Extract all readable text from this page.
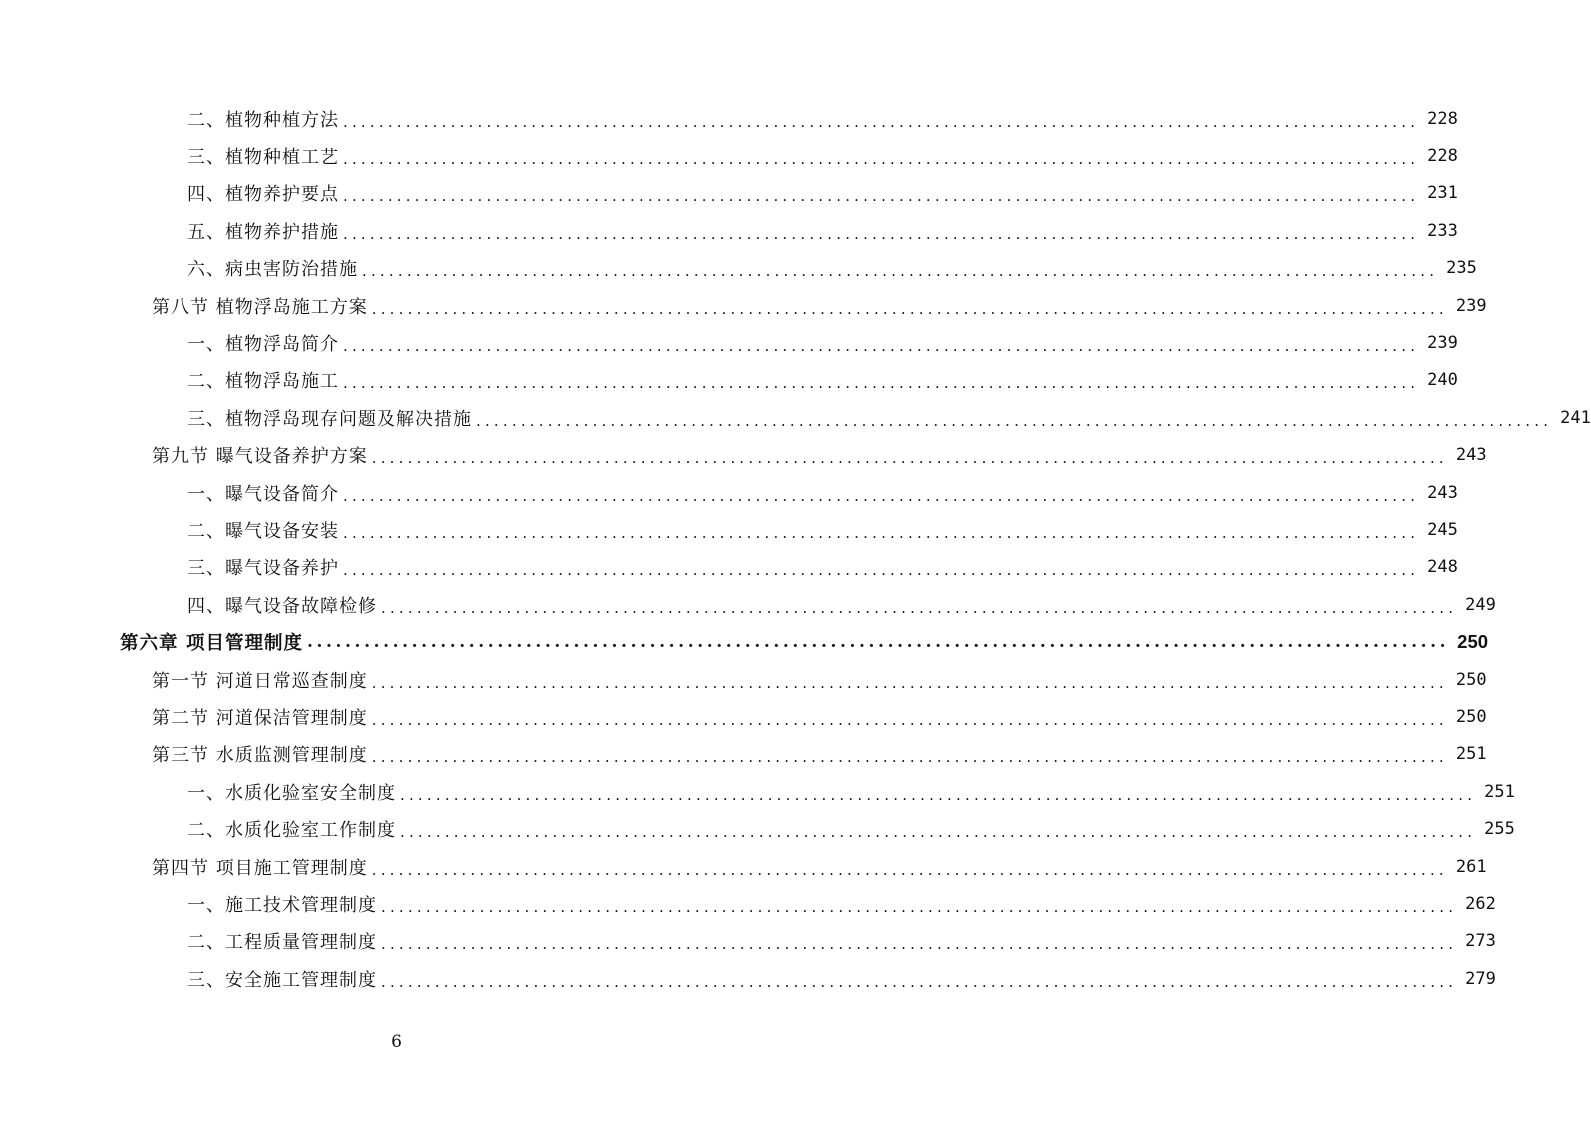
二、植物种植方法 ........................................................................................................................ 228
三、植物种植工艺 ........................................................................................................................ 228
四、植物养护要点 ........................................................................................................................ 231
五、植物养护措施 ........................................................................................................................ 233
六、病虫害防治措施 ........................................................................................................................ 235
第八节 植物浮岛施工方案 ........................................................................................................................ 239
一、植物浮岛简介 ........................................................................................................................ 239
二、植物浮岛施工 ........................................................................................................................ 240
三、植物浮岛现存问题及解决措施 ........................................................................................................................ 241
第九节 曝气设备养护方案 ........................................................................................................................ 243
一、曝气设备简介 ........................................................................................................................ 243
二、曝气设备安装 ........................................................................................................................ 245
三、曝气设备养护 ........................................................................................................................ 248
四、曝气设备故障检修 ........................................................................................................................ 249
第六章 项目管理制度 ........................................................................................................................ 250
第一节 河道日常巡查制度 ........................................................................................................................ 250
第二节 河道保洁管理制度 ........................................................................................................................ 250
第三节 水质监测管理制度 ........................................................................................................................ 251
一、水质化验室安全制度 ........................................................................................................................ 251
二、水质化验室工作制度 ........................................................................................................................ 255
第四节 项目施工管理制度 ........................................................................................................................ 261
一、施工技术管理制度 ........................................................................................................................ 262
二、工程质量管理制度 ........................................................................................................................ 273
三、安全施工管理制度 ........................................................................................................................ 279
6
